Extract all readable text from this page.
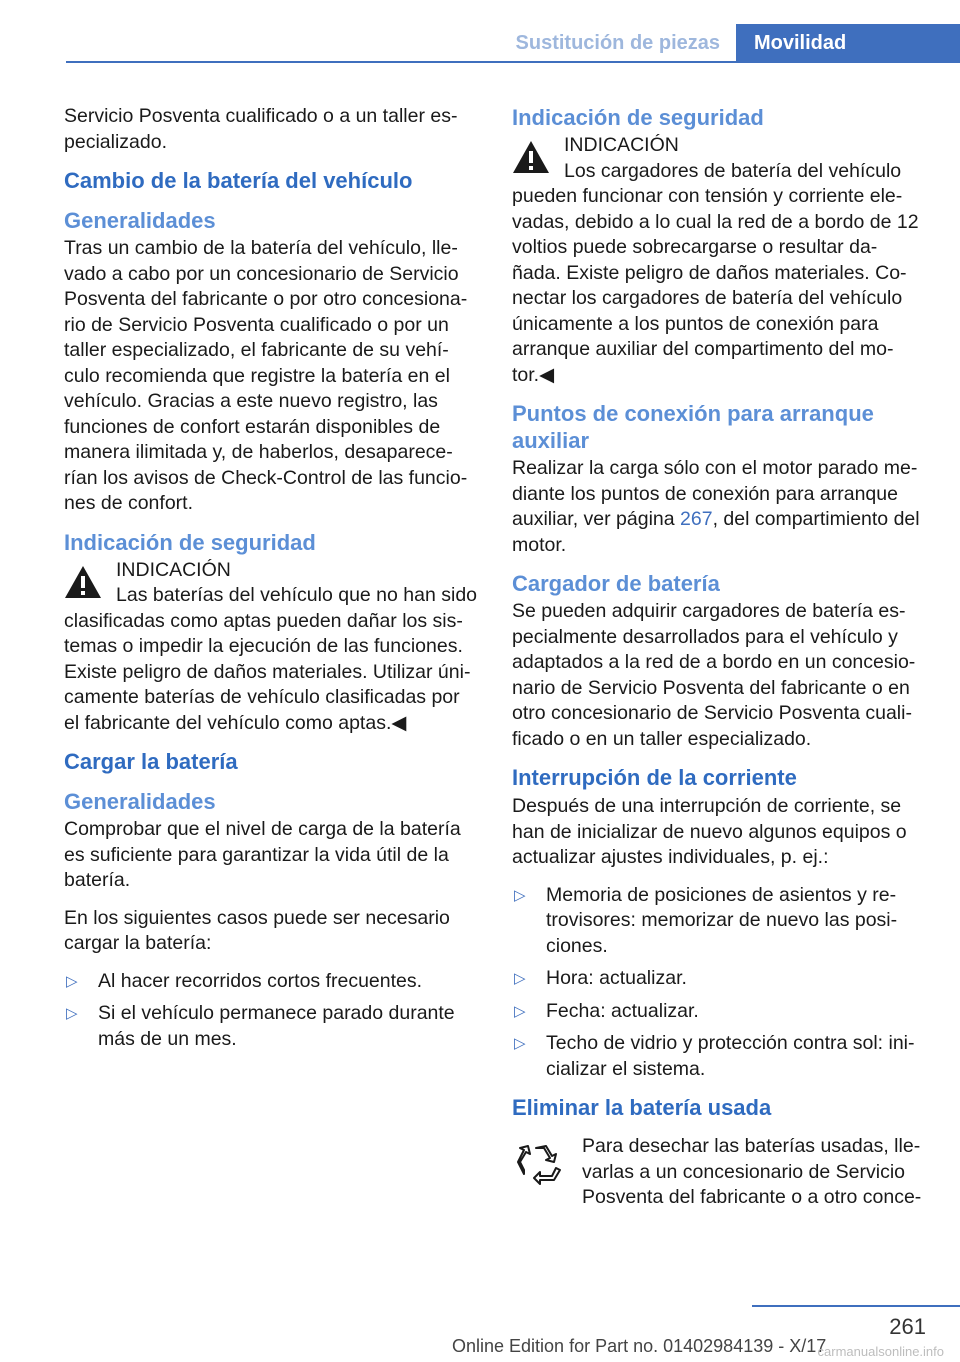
Sustitución de piezas	Movilidad

Servicio Posventa cualificado o a un taller es‐ pecializado.

Cambio de la batería del vehículo
Generalidades

Tras un cambio de la batería del vehículo, lle‐ vado a cabo por un concesionario de Servicio Posventa del fabricante o por otro concesiona‐ rio de Servicio Posventa cualificado o por un taller especializado, el fabricante de su vehí‐ culo recomienda que registre la batería en el vehículo. Gracias a este nuevo registro, las funciones de confort estarán disponibles de manera ilimitada y, de haberlos, desaparece‐ rían los avisos de Check-Control de las funcio‐ nes de confort.

Indicación de seguridad
INDICACIÓN
Las baterías del vehículo que no han sido clasificadas como aptas pueden dañar los sis‐ temas o impedir la ejecución de las funciones. Existe peligro de daños materiales. Utilizar úni‐ camente baterías de vehículo clasificadas por el fabricante del vehículo como aptas.◀
Cargar la batería
Generalidades

Comprobar que el nivel de carga de la batería es suficiente para garantizar la vida útil de la batería.

En los siguientes casos puede ser necesario cargar la batería:

▷ Al hacer recorridos cortos frecuentes.
▷ Si el vehículo permanece parado durante más de un mes.
Indicación de seguridad
INDICACIÓN
Los cargadores de batería del vehículo pueden funcionar con tensión y corriente ele‐ vadas, debido a lo cual la red de a bordo de 12 voltios puede sobrecargarse o resultar da‐ ñada. Existe peligro de daños materiales. Co‐ nectar los cargadores de batería del vehículo únicamente a los puntos de conexión para arranque auxiliar del compartimento del mo‐ tor.◀
Puntos de conexión para arranque auxiliar

Realizar la carga sólo con el motor parado me‐ diante los puntos de conexión para arranque auxiliar, ver página 267, del compartimiento del motor.

Cargador de batería

Se pueden adquirir cargadores de batería es‐ pecialmente desarrollados para el vehículo y adaptados a la red de a bordo en un concesio‐ nario de Servicio Posventa del fabricante o en otro concesionario de Servicio Posventa cuali‐ ficado o en un taller especializado.

Interrupción de la corriente

Después de una interrupción de corriente, se han de inicializar de nuevo algunos equipos o actualizar ajustes individuales, p. ej.:

▷ Memoria de posiciones de asientos y re‐ trovisores: memorizar de nuevo las posi‐ ciones.
▷ Hora: actualizar.
▷ Fecha: actualizar.
▷ Techo de vidrio y protección contra sol: ini‐ cializar el sistema.
Eliminar la batería usada

Para desechar las baterías usadas, lle‐ varlas a un concesionario de Servicio Posventa del fabricante o a otro conce‐

261
Online Edition for Part no. 01402984139 - X/17
carmanualsonline.info
